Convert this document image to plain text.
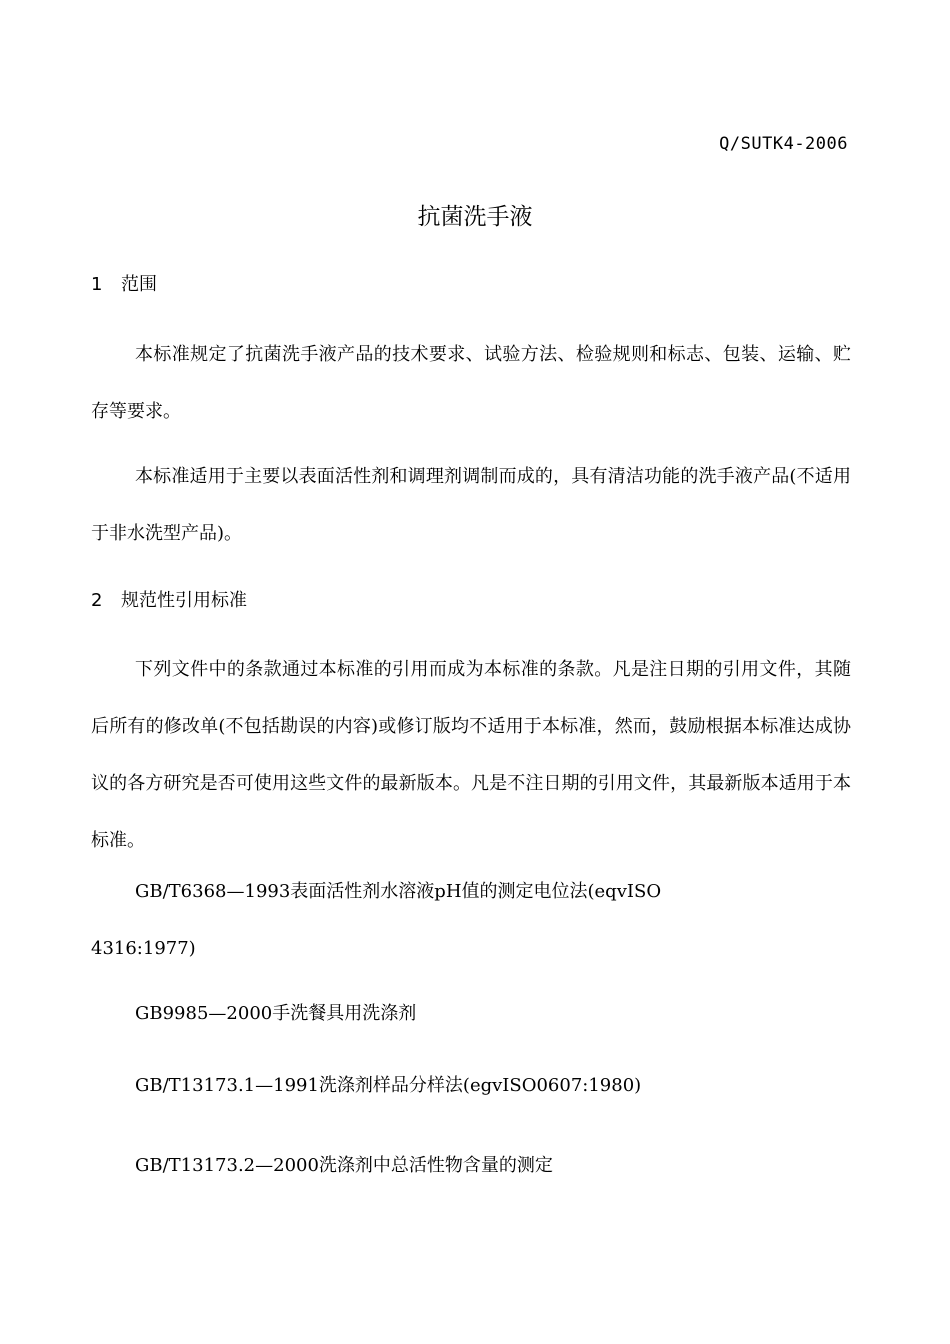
Q/SUTK4-2006
抗菌洗手液
1 范围

本标准规定了抗菌洗手液产品的技术要求、试验方法、检验规则和标志、包装、运输、贮存等要求。

本标准适用于主要以表面活性剂和调理剂调制而成的，具有清洁功能的洗手液产品(不适用于非水洗型产品)。

2 规范性引用标准

下列文件中的条款通过本标准的引用而成为本标准的条款。凡是注日期的引用文件，其随后所有的修改单(不包括勘误的内容)或修订版均不适用于本标准，然而，鼓励根据本标准达成协议的各方研究是否可使用这些文件的最新版本。凡是不注日期的引用文件，其最新版本适用于本标准。

GB/T6368—1993表面活性剂水溶液pH值的测定电位法(eqvISO 4316:1977)

GB9985—2000手洗餐具用洗涤剂

GB/T13173.1—1991洗涤剂样品分样法(egvISO0607:1980)

GB/T13173.2—2000洗涤剂中总活性物含量的测定
